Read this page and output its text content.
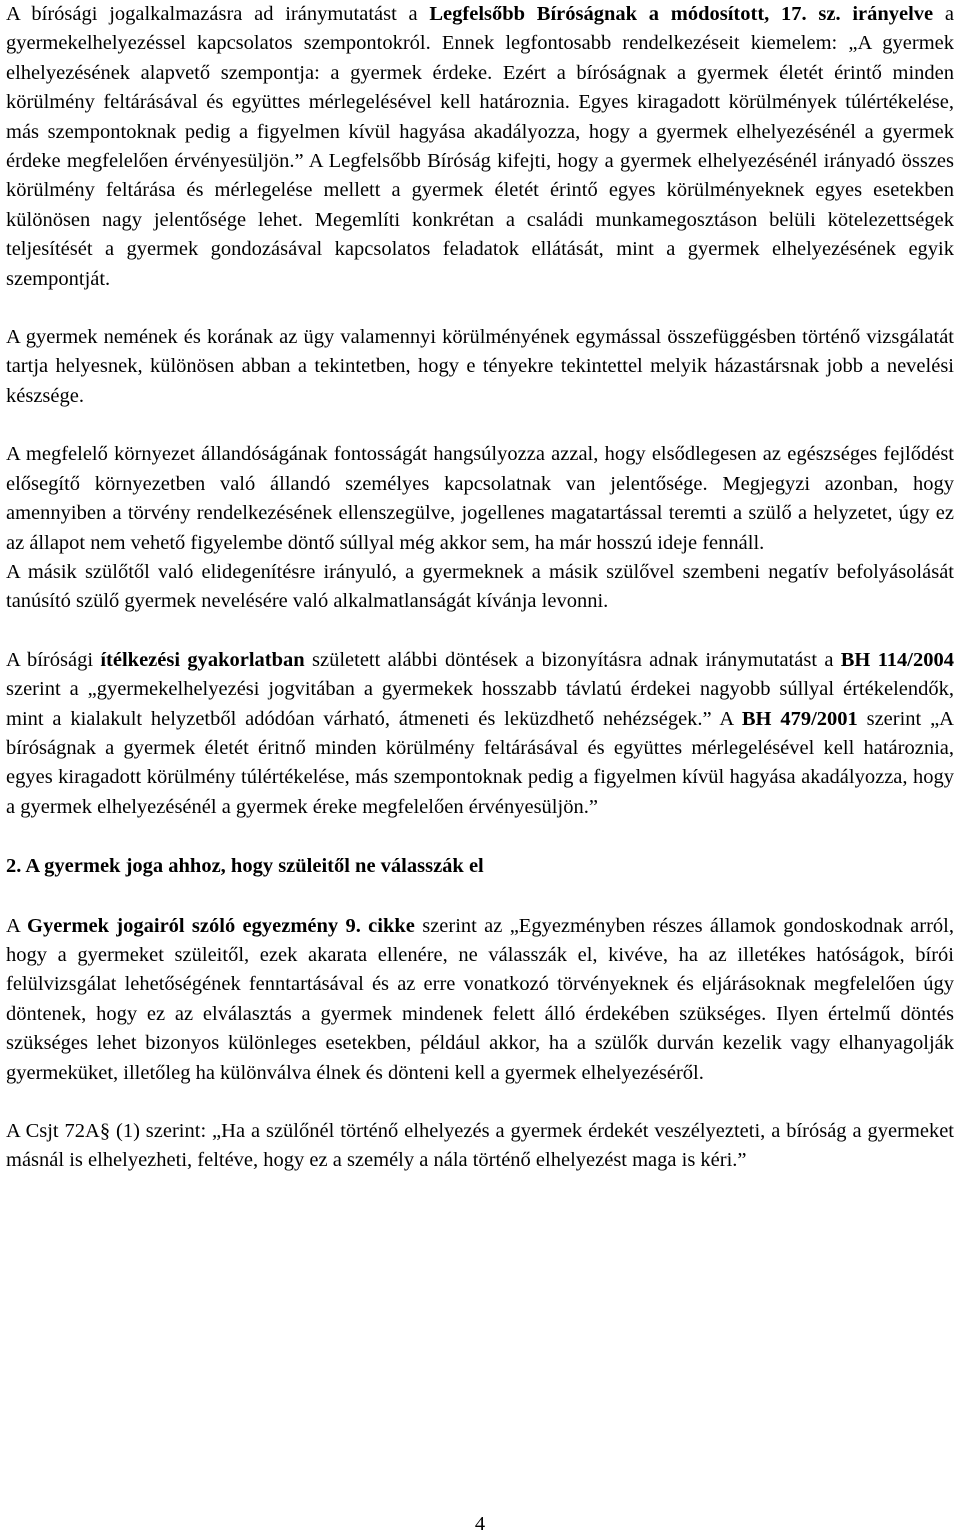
A bírósági jogalkalmazásra ad iránymutatást a Legfelsőbb Bíróságnak a módosított, 17. sz. irányelve a gyermekelhelyezéssel kapcsolatos szempontokról. Ennek legfontosabb rendelkezéseit kiemelem: „A gyermek elhelyezésének alapvető szempontja: a gyermek érdeke. Ezért a bíróságnak a gyermek életét érintő minden körülmény feltárásával és együttes mérlegelésével kell határoznia. Egyes kiragadott körülmények túlértékelése, más szempontoknak pedig a figyelmen kívül hagyása akadályozza, hogy a gyermek elhelyezésénél a gyermek érdeke megfelelően érvényesüljön.” A Legfelsőbb Bíróság kifejti, hogy a gyermek elhelyezésénél irányadó összes körülmény feltárása és mérlegelése mellett a gyermek életét érintő egyes körülményeknek egyes esetekben különösen nagy jelentősége lehet. Megemlíti konkrétan a családi munkamegosztáson belüli kötelezettségek teljesítését a gyermek gondozásával kapcsolatos feladatok ellátását, mint a gyermek elhelyezésének egyik szempontját.

A gyermek nemének és korának az ügy valamennyi körülményének egymással összefüggésben történő vizsgálatát tartja helyesnek, különösen abban a tekintetben, hogy e tényekre tekintettel melyik házastársnak jobb a nevelési készsége.

A megfelelő környezet állandóságának fontosságát hangsúlyozza azzal, hogy elsődlegesen az egészséges fejlődést elősegítő környezetben való állandó személyes kapcsolatnak van jelentősége. Megjegyzi azonban, hogy amennyiben a törvény rendelkezésének ellenszegülve, jogellenes magatartással teremti a szülő a helyzetet, úgy ez az állapot nem vehető figyelembe döntő súllyal még akkor sem, ha már hosszú ideje fennáll.

A másik szülőtől való elidegenítésre irányuló, a gyermeknek a másik szülővel szembeni negatív befolyásolását tanúsító szülő gyermek nevelésére való alkalmatlanságát kívánja levonni.

A bírósági ítélkezési gyakorlatban született alábbi döntések a bizonyításra adnak iránymutatást a BH 114/2004 szerint a „gyermekelhelyezési jogvitában a gyermekek hosszabb távlatú érdekei nagyobb súllyal értékelendők, mint a kialakult helyzetből adódóan várható, átmeneti és leküzdhető nehézségek.” A BH 479/2001 szerint „A bíróságnak a gyermek életét éritnő minden körülmény feltárásával és együttes mérlegelésével kell határoznia, egyes kiragadott körülmény túlértékelése, más szempontoknak pedig a figyelmen kívül hagyása akadályozza, hogy a gyermek elhelyezésénél a gyermek éreke megfelelően érvényesüljön.”

2. A gyermek joga ahhoz, hogy szüleitől ne válasszák el

A Gyermek jogairól szóló egyezmény 9. cikke szerint az „Egyezményben részes államok gondoskodnak arról, hogy a gyermeket szüleitől, ezek akarata ellenére, ne válasszák el, kivéve, ha az illetékes hatóságok, bírói felülvizsgálat lehetőségének fenntartásával és az erre vonatkozó törvényeknek és eljárásoknak megfelelően úgy döntenek, hogy ez az elválasztás a gyermek mindenek felett álló érdekében szükséges. Ilyen értelmű döntés szükséges lehet bizonyos különleges esetekben, például akkor, ha a szülők durván kezelik vagy elhanyagolják gyermeküket, illetőleg ha különválva élnek és dönteni kell a gyermek elhelyezéséről.

A Csjt 72A§ (1) szerint: „Ha a szülőnél történő elhelyezés a gyermek érdekét veszélyezteti, a bíróság a gyermeket másnál is elhelyezheti, feltéve, hogy ez a személy a nála történő elhelyezést maga is kéri.”

4
